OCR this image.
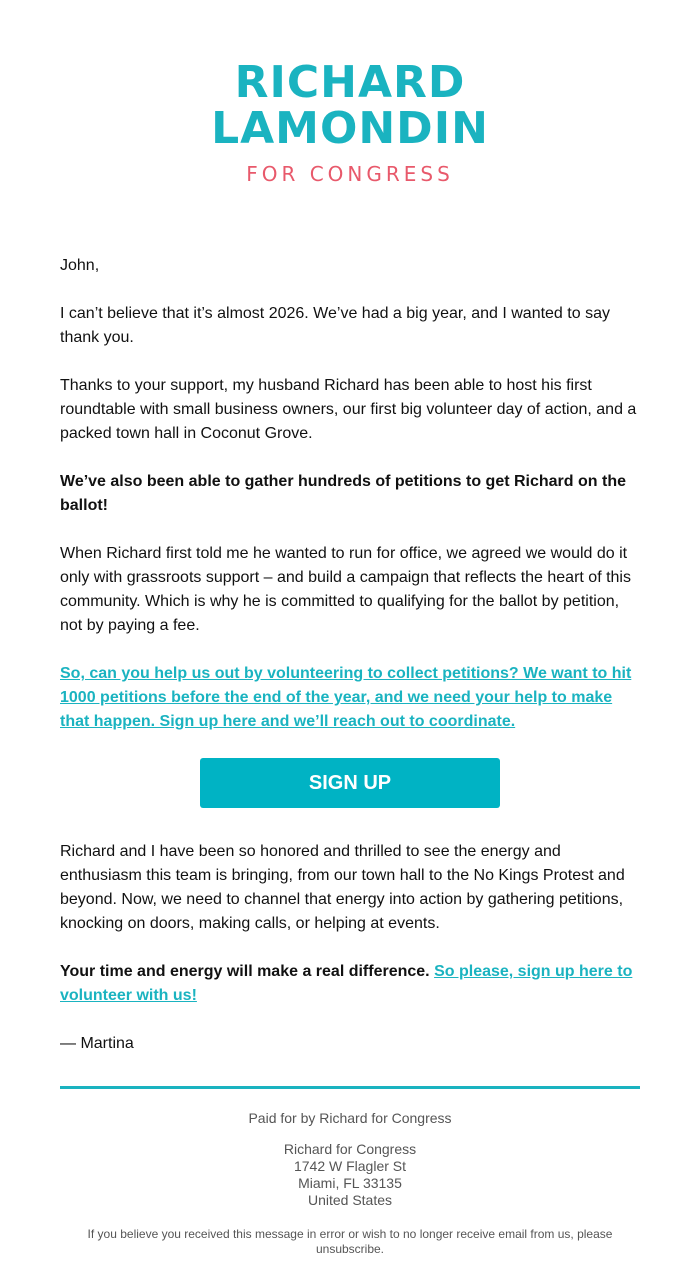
RICHARD
LAMONDIN
FOR CONGRESS

John,

I can’t believe that it’s almost 2026. We’ve had a big year, and I wanted to say thank you.

Thanks to your support, my husband Richard has been able to host his first roundtable with small business owners, our first big volunteer day of action, and a packed town hall in Coconut Grove.

We’ve also been able to gather hundreds of petitions to get Richard on the ballot!

When Richard first told me he wanted to run for office, we agreed we would do it only with grassroots support – and build a campaign that reflects the heart of this community. Which is why he is committed to qualifying for the ballot by petition, not by paying a fee.

So, can you help us out by volunteering to collect petitions? We want to hit 1000 petitions before the end of the year, and we need your help to make that happen. Sign up here and we’ll reach out to coordinate.

SIGN UP

Richard and I have been so honored and thrilled to see the energy and enthusiasm this team is bringing, from our town hall to the No Kings Protest and beyond. Now, we need to channel that energy into action by gathering petitions, knocking on doors, making calls, or helping at events.

Your time and energy will make a real difference. So please, sign up here to volunteer with us!

— Martina

Paid for by Richard for Congress

Richard for Congress
1742 W Flagler St
Miami, FL 33135
United States

If you believe you received this message in error or wish to no longer receive email from us, please unsubscribe.
